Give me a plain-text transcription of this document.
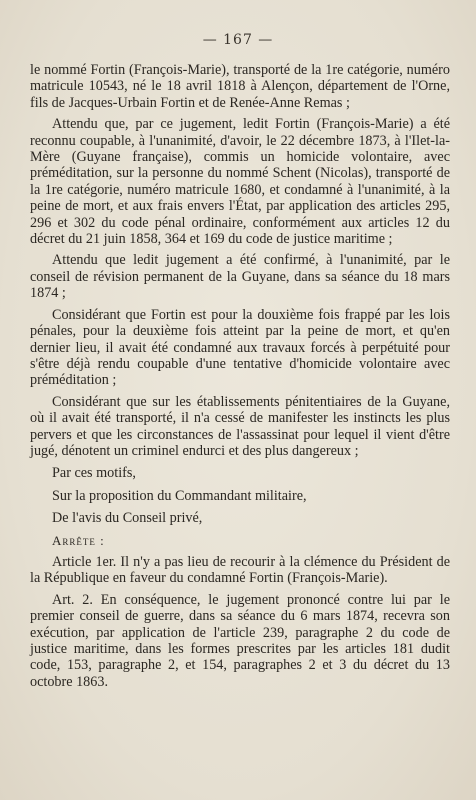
— 167 —

le nommé Fortin (François-Marie), transporté de la 1re catégorie, numéro matricule 10543, né le 18 avril 1818 à Alençon, département de l'Orne, fils de Jacques-Urbain Fortin et de Renée-Anne Remas ;

Attendu que, par ce jugement, ledit Fortin (François-Marie) a été reconnu coupable, à l'unanimité, d'avoir, le 22 décembre 1873, à l'Ilet-la-Mère (Guyane française), commis un homicide volontaire, avec préméditation, sur la personne du nommé Schent (Nicolas), transporté de la 1re catégorie, numéro matricule 1680, et condamné à l'unanimité, à la peine de mort, et aux frais envers l'État, par application des articles 295, 296 et 302 du code pénal ordinaire, conformément aux articles 12 du décret du 21 juin 1858, 364 et 169 du code de justice maritime ;

Attendu que ledit jugement a été confirmé, à l'unanimité, par le conseil de révision permanent de la Guyane, dans sa séance du 18 mars 1874 ;

Considérant que Fortin est pour la douxième fois frappé par les lois pénales, pour la deuxième fois atteint par la peine de mort, et qu'en dernier lieu, il avait été condamné aux travaux forcés à perpétuité pour s'être déjà rendu coupable d'une tentative d'homicide volontaire avec préméditation ;

Considérant que sur les établissements pénitentiaires de la Guyane, où il avait été transporté, il n'a cessé de manifester les instincts les plus pervers et que les circonstances de l'assassinat pour lequel il vient d'être jugé, dénotent un criminel endurci et des plus dangereux ;

Par ces motifs,

Sur la proposition du Commandant militaire,

De l'avis du Conseil privé,

Arrête :

Article 1er. Il n'y a pas lieu de recourir à la clémence du Président de la République en faveur du condamné Fortin (François-Marie).

Art. 2. En conséquence, le jugement prononcé contre lui par le premier conseil de guerre, dans sa séance du 6 mars 1874, recevra son exécution, par application de l'article 239, paragraphe 2 du code de justice maritime, dans les formes prescrites par les articles 181 dudit code, 153, paragraphe 2, et 154, paragraphes 2 et 3 du décret du 13 octobre 1863.
